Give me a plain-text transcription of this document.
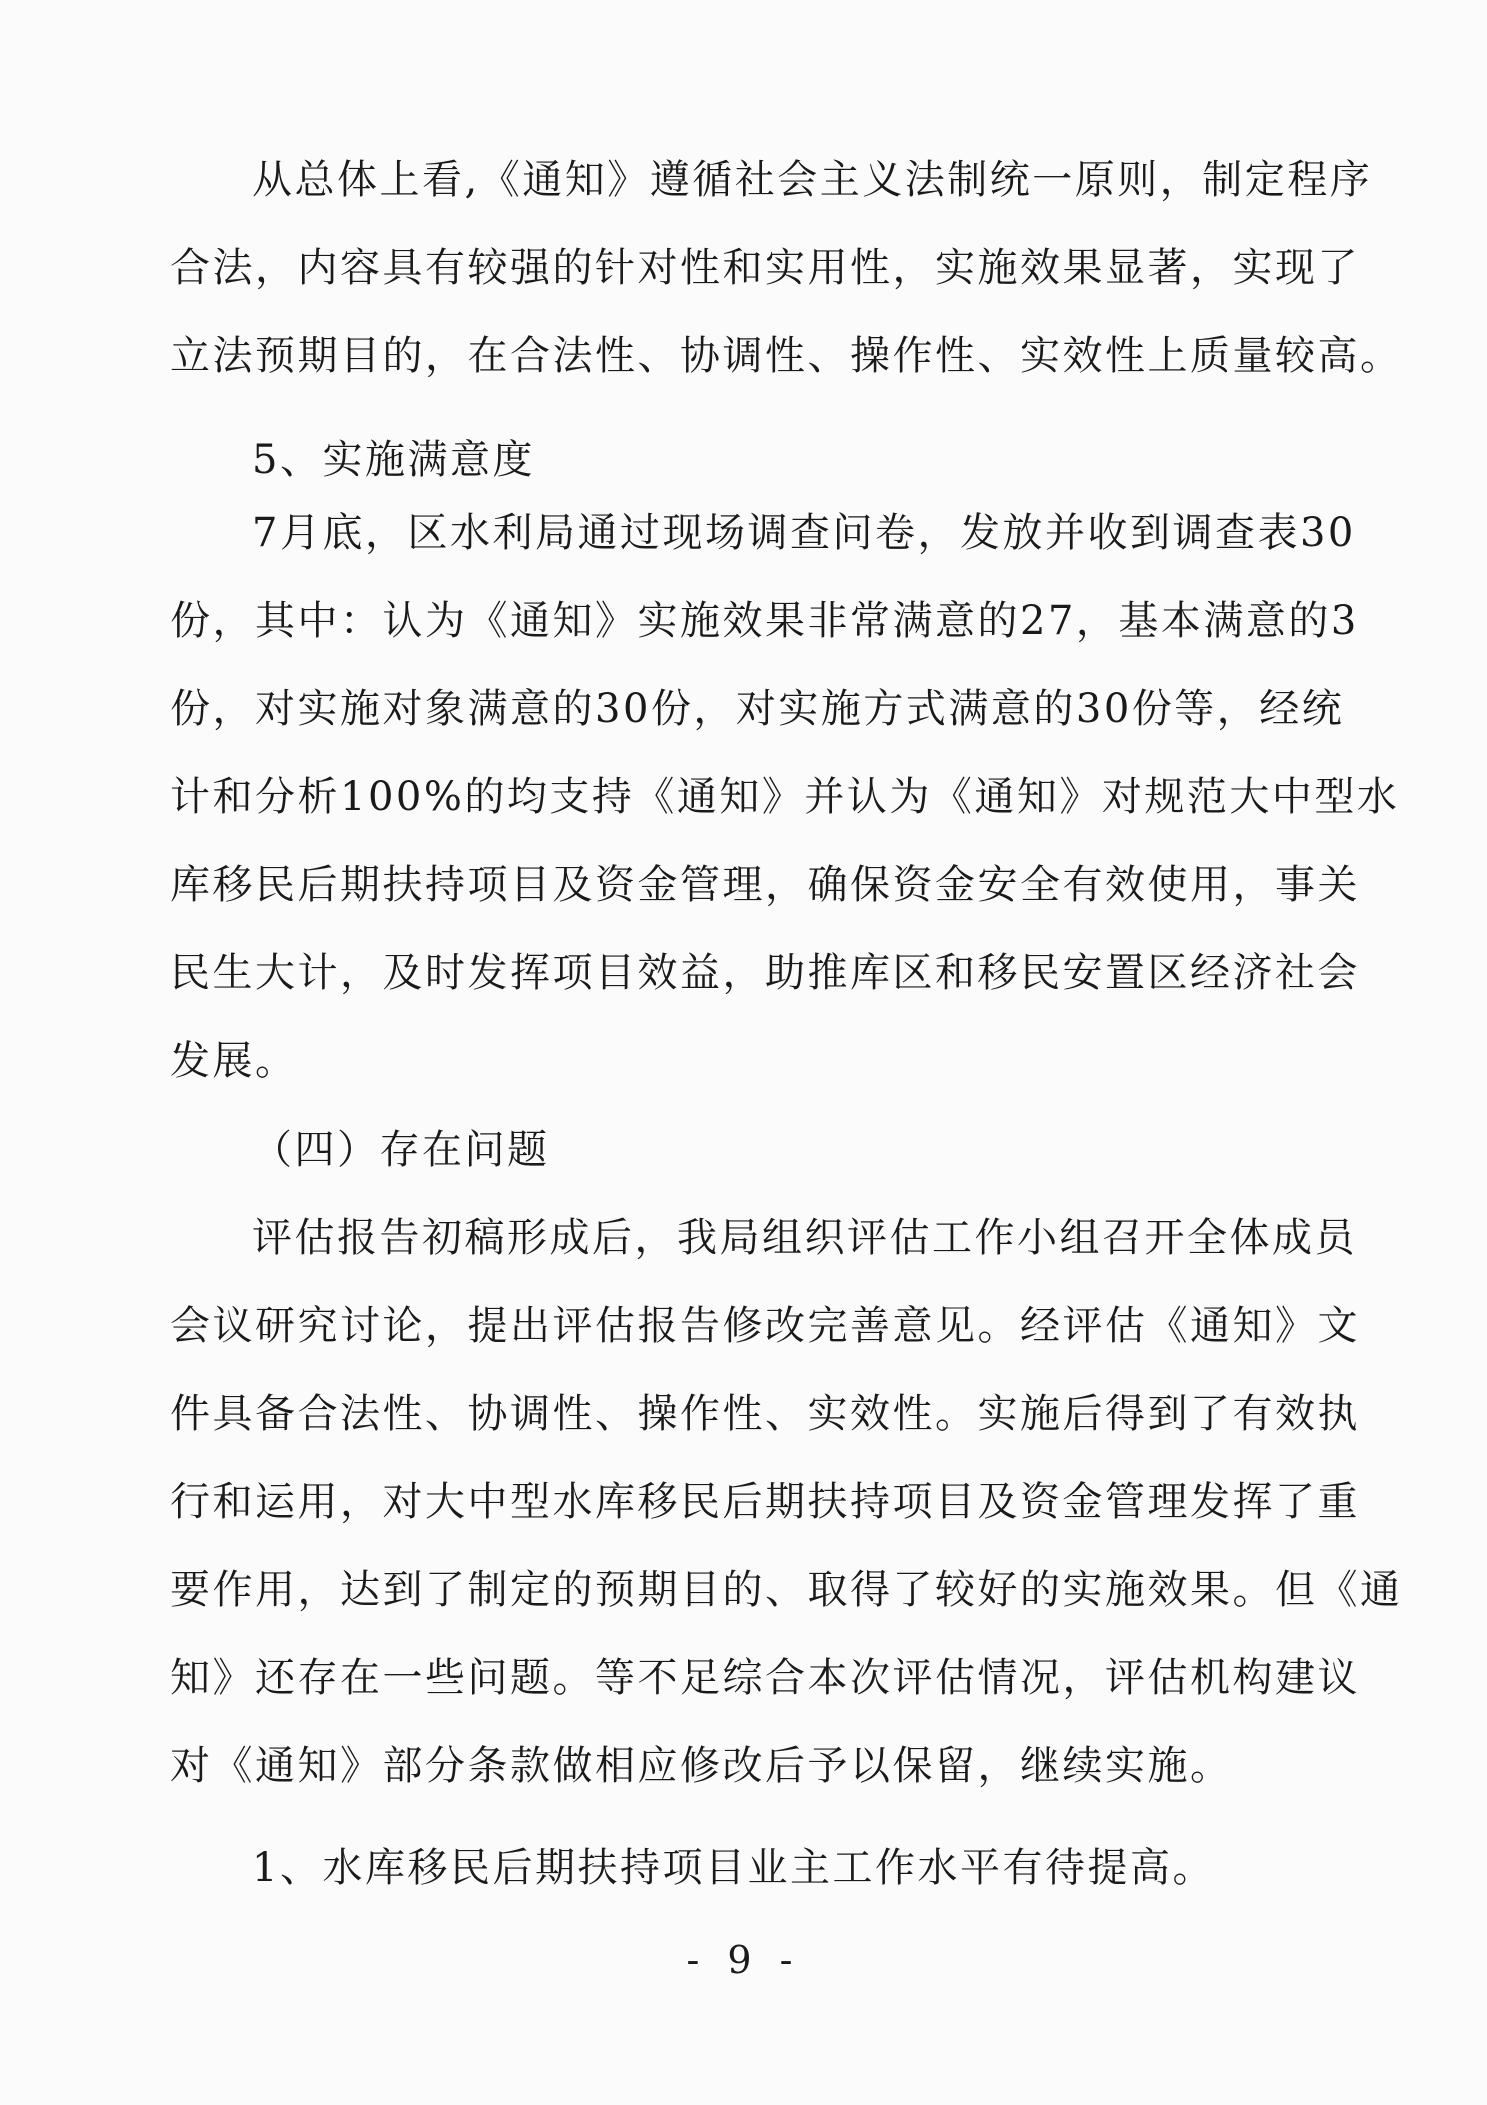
从总体上看,《通知》遵循社会主义法制统一原则，制定程序
合法，内容具有较强的针对性和实用性，实施效果显著，实现了
立法预期目的，在合法性、协调性、操作性、实效性上质量较高。
5、实施满意度
7月底，区水利局通过现场调查问卷，发放并收到调查表30
份，其中：认为《通知》实施效果非常满意的27，基本满意的3
份，对实施对象满意的30份，对实施方式满意的30份等，经统
计和分析100%的均支持《通知》并认为《通知》对规范大中型水
库移民后期扶持项目及资金管理，确保资金安全有效使用，事关
民生大计，及时发挥项目效益，助推库区和移民安置区经济社会
发展。
（四）存在问题
评估报告初稿形成后，我局组织评估工作小组召开全体成员
会议研究讨论，提出评估报告修改完善意见。经评估《通知》文
件具备合法性、协调性、操作性、实效性。实施后得到了有效执
行和运用，对大中型水库移民后期扶持项目及资金管理发挥了重
要作用，达到了制定的预期目的、取得了较好的实施效果。但《通
知》还存在一些问题。等不足综合本次评估情况，评估机构建议
对《通知》部分条款做相应修改后予以保留，继续实施。
1、水库移民后期扶持项目业主工作水平有待提高。
- 9 -
